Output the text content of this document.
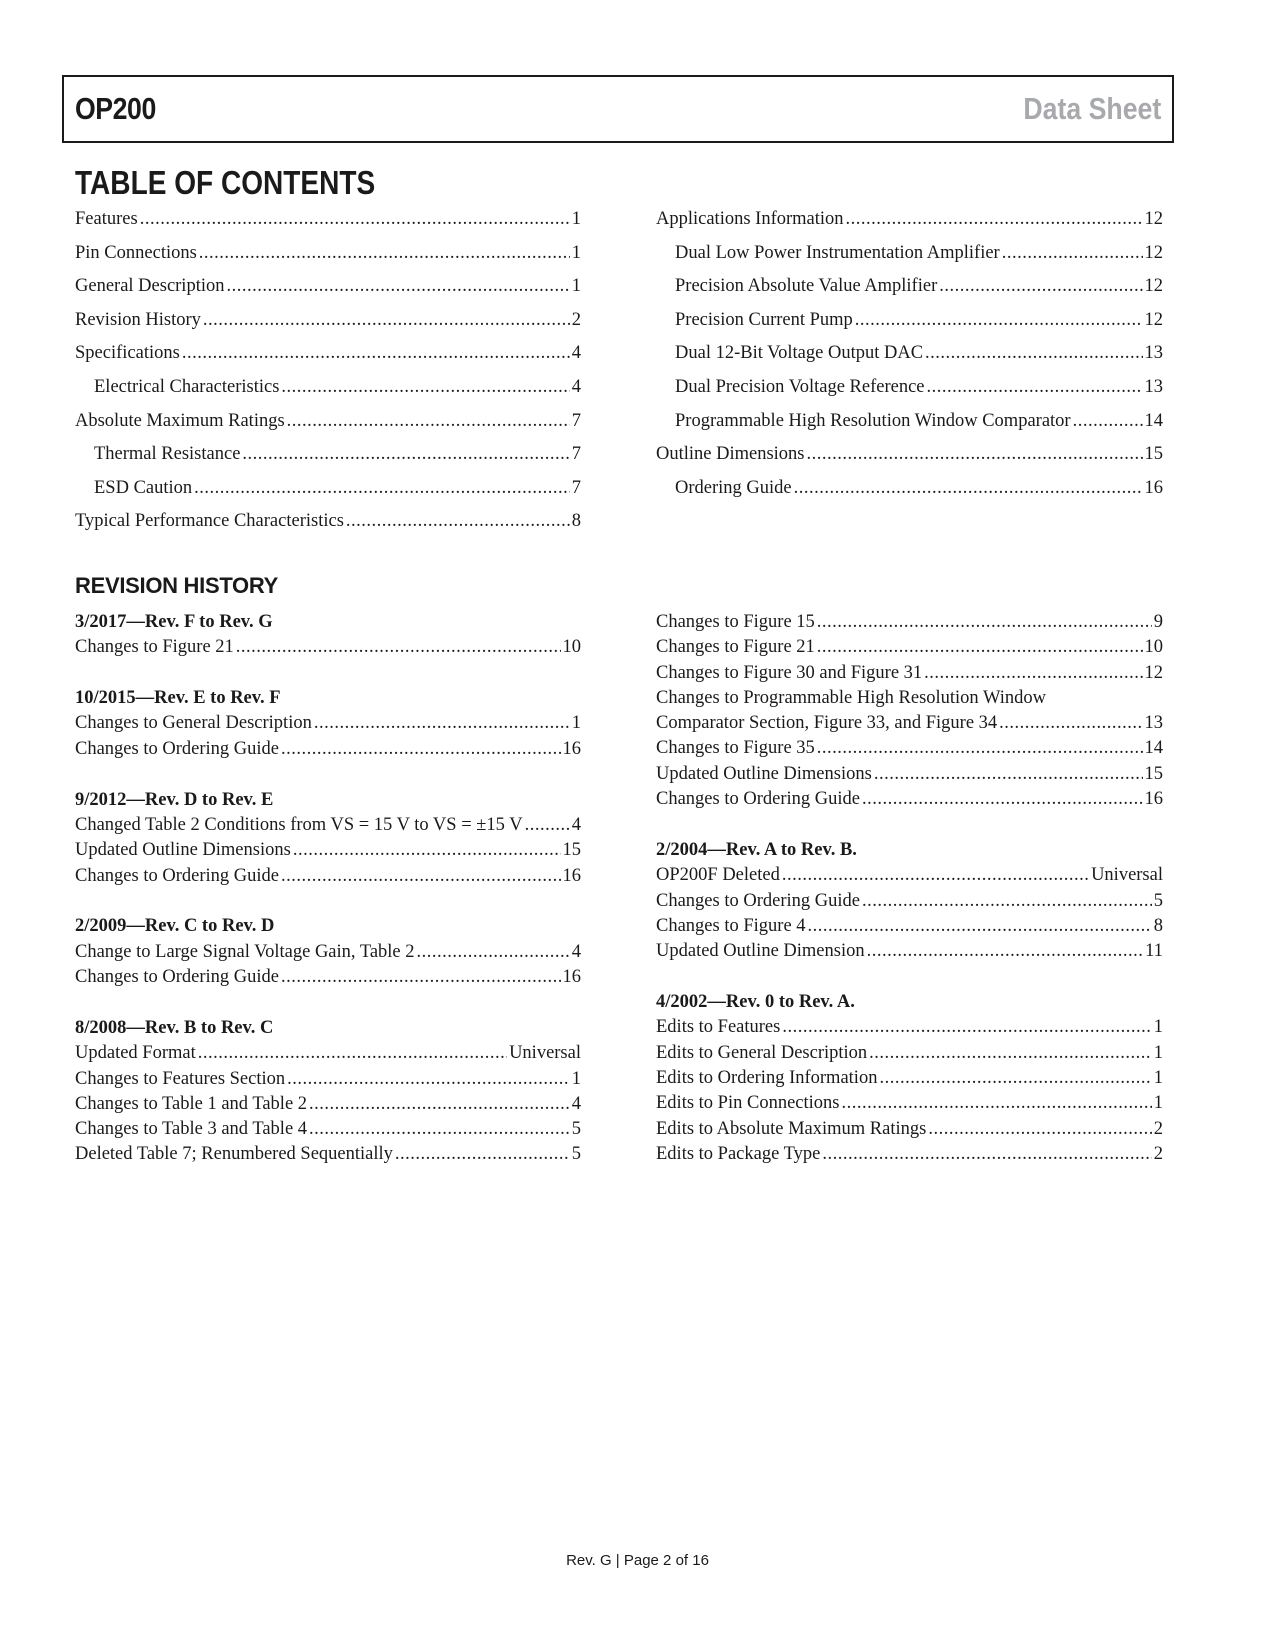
OP200	Data Sheet
TABLE OF CONTENTS
Features .....	1
Pin Connections .....	1
General Description .....	1
Revision History .....	2
Specifications .....	4
Electrical Characteristics .....	4
Absolute Maximum Ratings .....	7
Thermal Resistance .....	7
ESD Caution .....	7
Typical Performance Characteristics .....	8
Applications Information .....	12
Dual Low Power Instrumentation Amplifier .....	12
Precision Absolute Value Amplifier .....	12
Precision Current Pump .....	12
Dual 12-Bit Voltage Output DAC .....	13
Dual Precision Voltage Reference .....	13
Programmable High Resolution Window Comparator .....	14
Outline Dimensions .....	15
Ordering Guide .....	16
REVISION HISTORY
3/2017—Rev. F to Rev. G
Changes to Figure 21 .....	10
10/2015—Rev. E to Rev. F
Changes to General Description .....	1
Changes to Ordering Guide .....	16
9/2012—Rev. D to Rev. E
Changed Table 2 Conditions from VS = 15 V to VS = ±15 V .....	4
Updated Outline Dimensions .....	15
Changes to Ordering Guide .....	16
2/2009—Rev. C to Rev. D
Change to Large Signal Voltage Gain, Table 2 .....	4
Changes to Ordering Guide .....	16
8/2008—Rev. B to Rev. C
Updated Format .....	Universal
Changes to Features Section .....	1
Changes to Table 1 and Table 2 .....	4
Changes to Table 3 and Table 4 .....	5
Deleted Table 7; Renumbered Sequentially .....	5
Changes to Figure 15 .....	9
Changes to Figure 21 .....	10
Changes to Figure 30 and Figure 31 .....	12
Changes to Programmable High Resolution Window
Comparator Section, Figure 33, and Figure 34 .....	13
Changes to Figure 35 .....	14
Updated Outline Dimensions .....	15
Changes to Ordering Guide .....	16
2/2004—Rev. A to Rev. B.
OP200F Deleted .....	Universal
Changes to Ordering Guide .....	5
Changes to Figure 4 .....	8
Updated Outline Dimension .....	11
4/2002—Rev. 0 to Rev. A.
Edits to Features .....	1
Edits to General Description .....	1
Edits to Ordering Information .....	1
Edits to Pin Connections .....	1
Edits to Absolute Maximum Ratings .....	2
Edits to Package Type .....	2
Rev. G | Page 2 of 16
